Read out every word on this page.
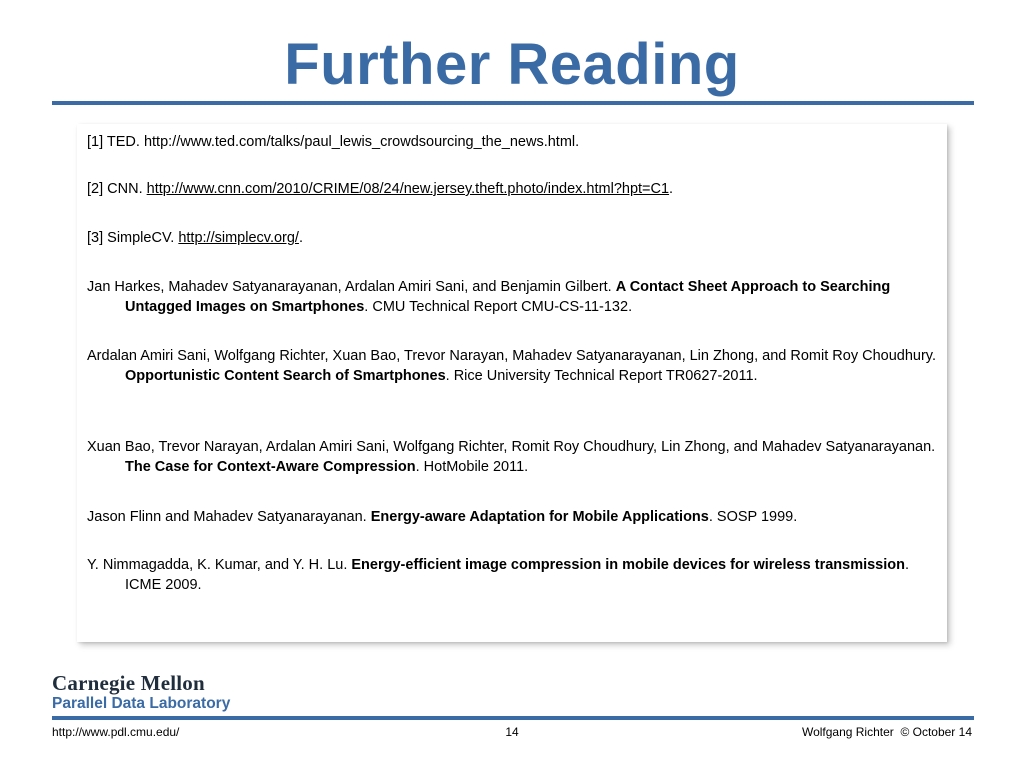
Further Reading
[1] TED. http://www.ted.com/talks/paul_lewis_crowdsourcing_the_news.html.
[2] CNN. http://www.cnn.com/2010/CRIME/08/24/new.jersey.theft.photo/index.html?hpt=C1.
[3] SimpleCV. http://simplecv.org/.
Jan Harkes, Mahadev Satyanarayanan, Ardalan Amiri Sani, and Benjamin Gilbert. A Contact Sheet Approach to Searching Untagged Images on Smartphones. CMU Technical Report CMU-CS-11-132.
Ardalan Amiri Sani, Wolfgang Richter, Xuan Bao, Trevor Narayan, Mahadev Satyanarayanan, Lin Zhong, and Romit Roy Choudhury. Opportunistic Content Search of Smartphones. Rice University Technical Report TR0627-2011.
Xuan Bao, Trevor Narayan, Ardalan Amiri Sani, Wolfgang Richter, Romit Roy Choudhury, Lin Zhong, and Mahadev Satyanarayanan. The Case for Context-Aware Compression. HotMobile 2011.
Jason Flinn and Mahadev Satyanarayanan. Energy-aware Adaptation for Mobile Applications. SOSP 1999.
Y. Nimmagadda, K. Kumar, and Y. H. Lu. Energy-efficient image compression in mobile devices for wireless transmission. ICME 2009.
Carnegie Mellon
Parallel Data Laboratory
http://www.pdl.cmu.edu/	14	Wolfgang Richter  © October 14
